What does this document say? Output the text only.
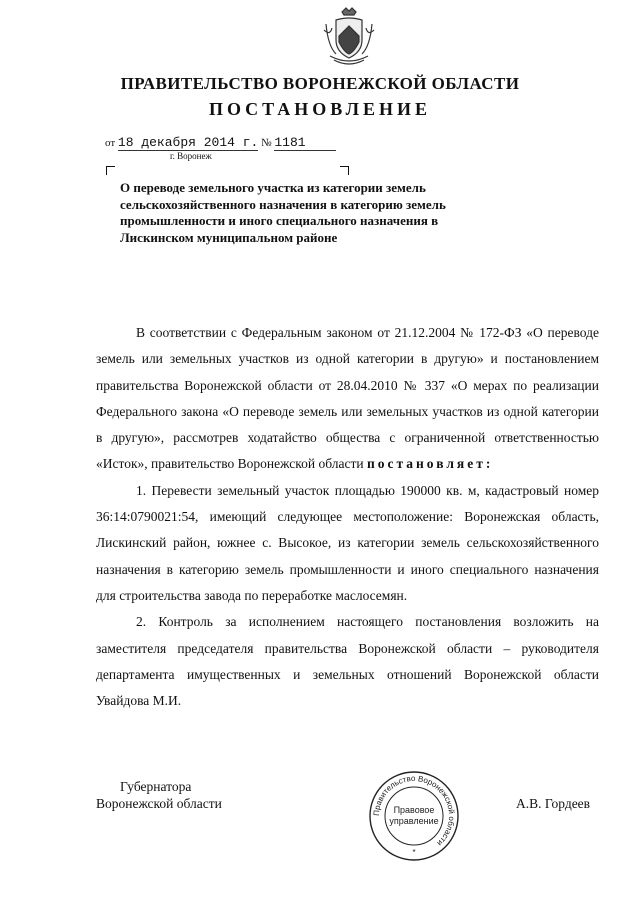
ПРАВИТЕЛЬСТВО ВОРОНЕЖСКОЙ ОБЛАСТИ
ПОСТАНОВЛЕНИЕ
от 18 декабря 2014 г. № 1181
г. Воронеж
О переводе земельного участка из категории земель сельскохозяйственного назначения в категорию земель промышленности и иного специального назначения в Лискинском муниципальном районе

В соответствии с Федеральным законом от 21.12.2004 № 172-ФЗ «О переводе земель или земельных участков из одной категории в другую» и постановлением правительства Воронежской области от 28.04.2010 № 337 «О мерах по реализации Федерального закона «О переводе земель или земельных участков из одной категории в другую», рассмотрев ходатайство общества с ограниченной ответственностью «Исток», правительство Воронежской области постановляет:

1. Перевести земельный участок площадью 190000 кв. м, кадастровый номер 36:14:0790021:54, имеющий следующее местоположение: Воронежская область, Лискинский район, южнее с. Высокое, из категории земель сельскохозяйственного назначения в категорию земель промышленности и иного специального назначения для строительства завода по переработке маслосемян.

2. Контроль за исполнением настоящего постановления возложить на заместителя председателя правительства Воронежской области – руководителя департамента имущественных и земельных отношений Воронежской области Увайдова М.И.

Губернатора
Воронежской области	А.В. Гордеев
Правительство Воронежской области
Правовое
управление
*
